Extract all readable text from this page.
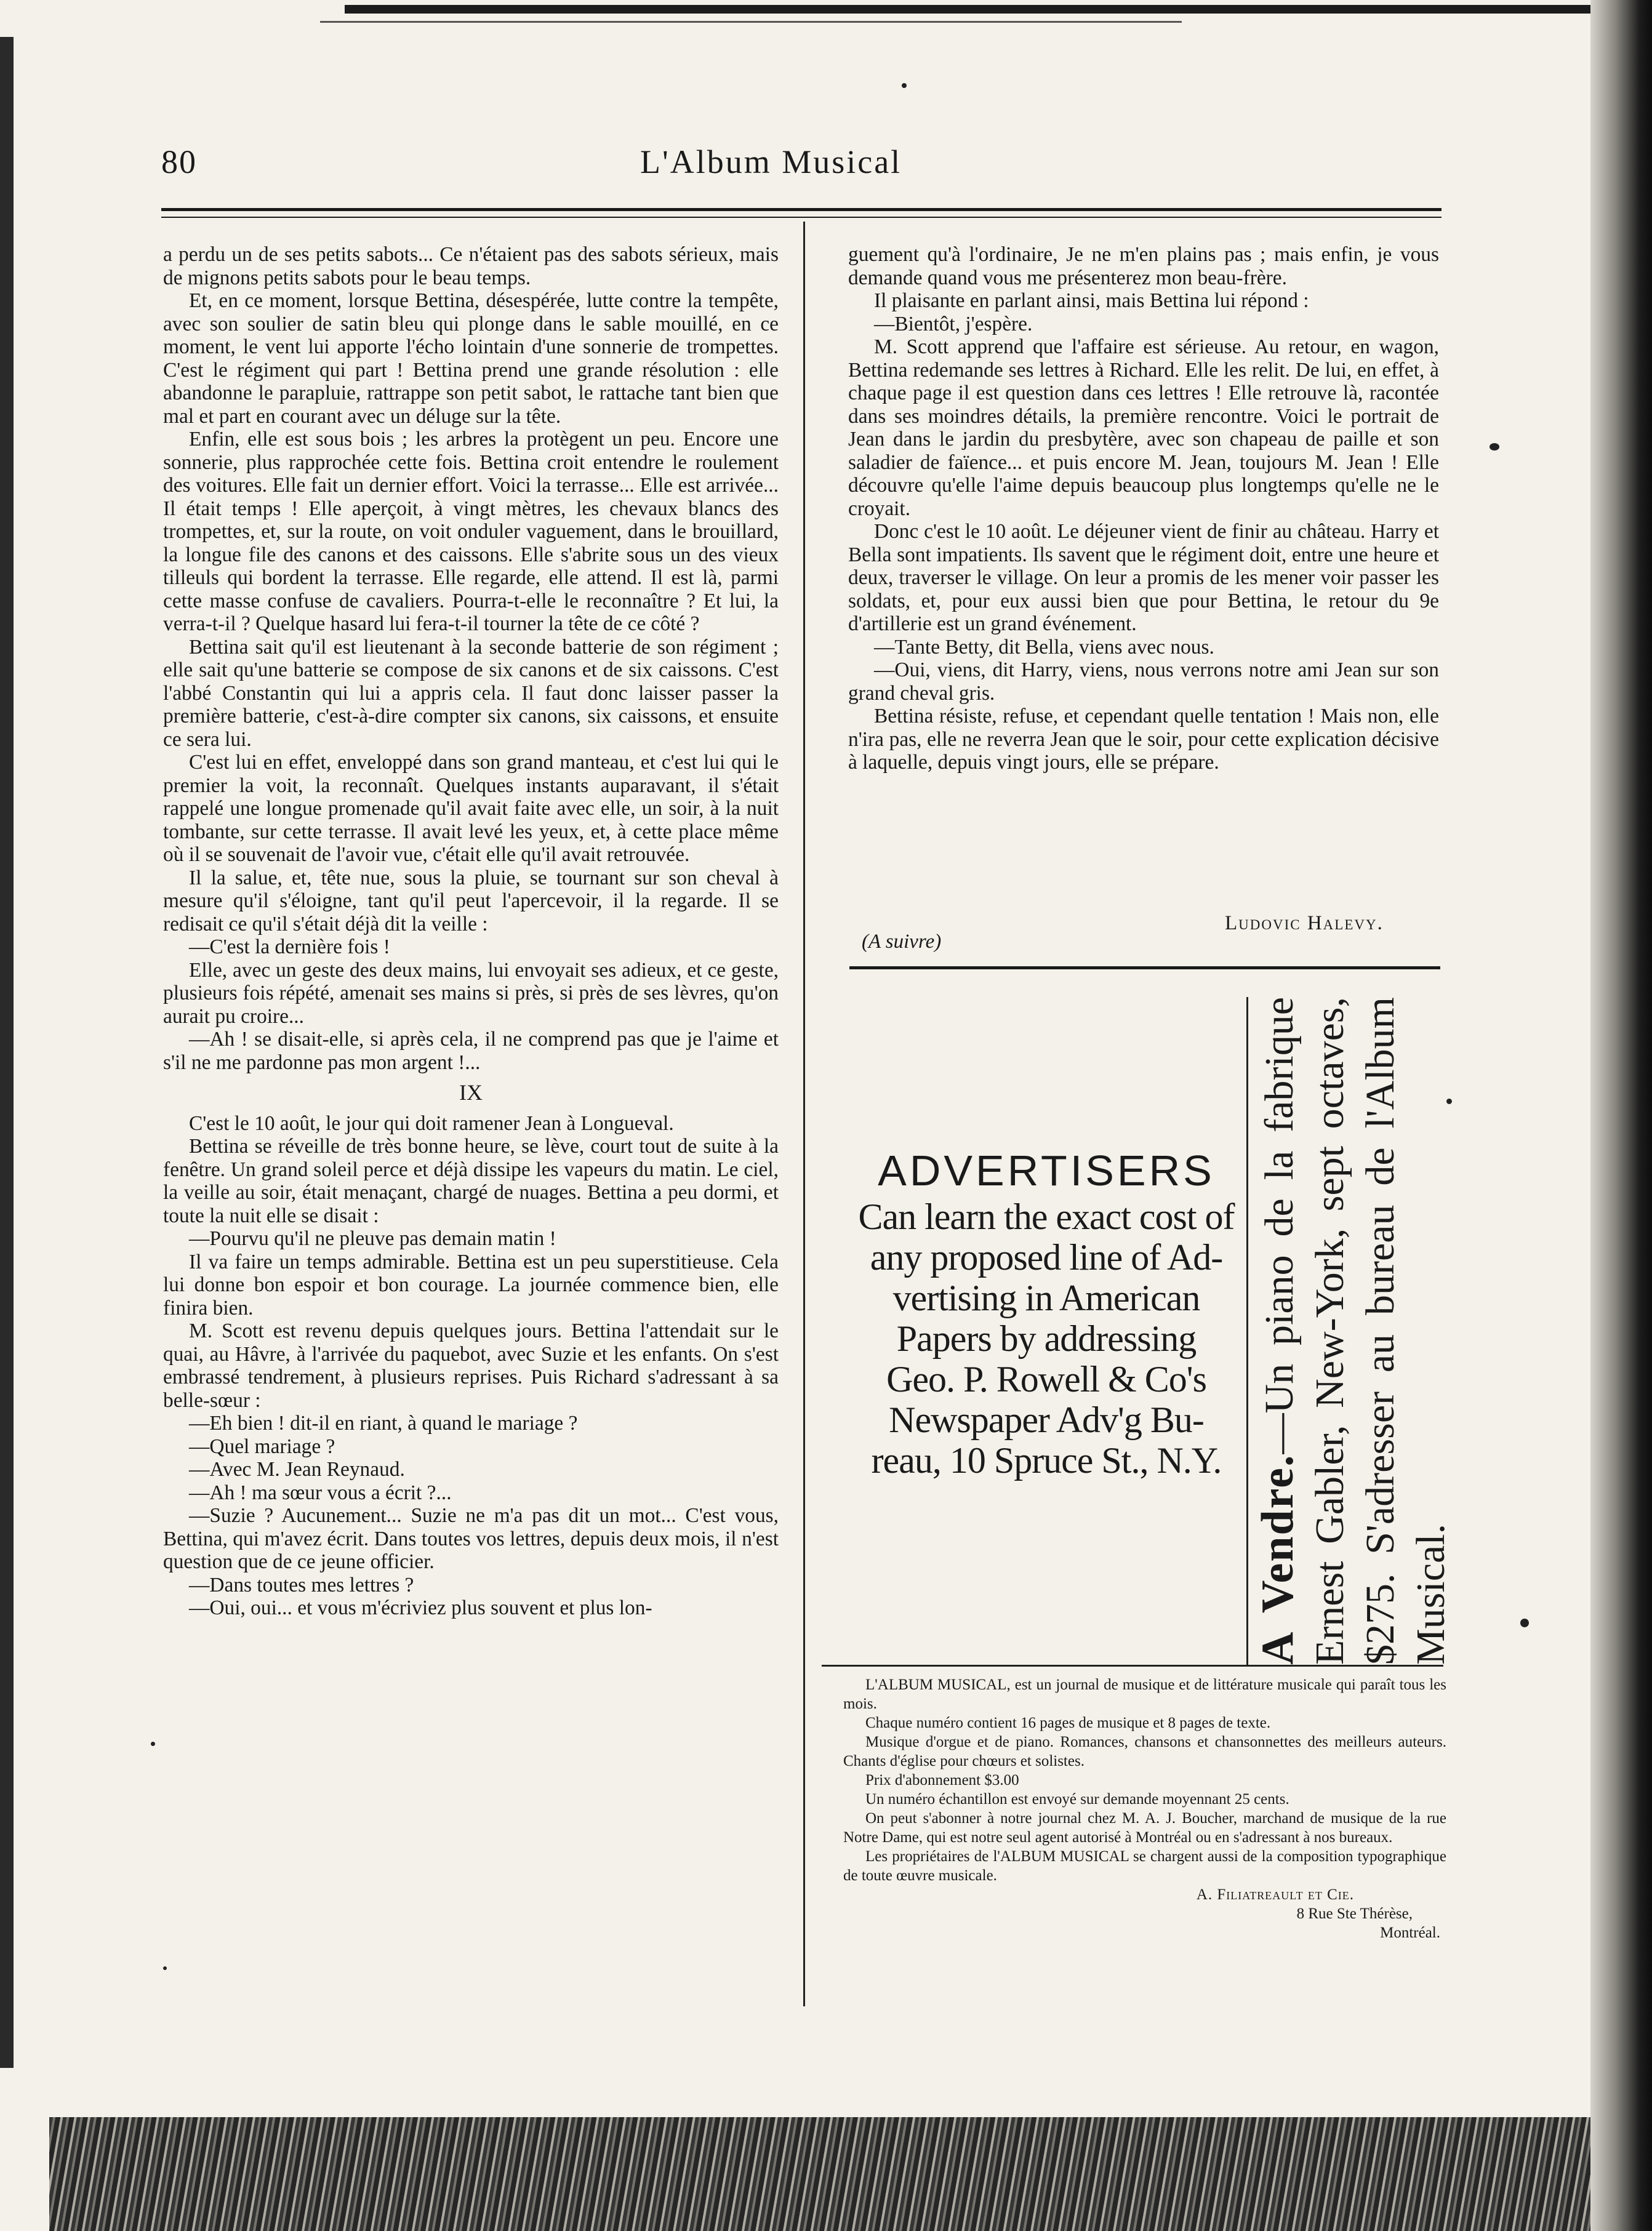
80	L'Album Musical

a perdu un de ses petits sabots... Ce n'étaient pas des sabots sérieux, mais de mignons petits sabots pour le beau temps.

Et, en ce moment, lorsque Bettina, désespérée, lutte contre la tempête, avec son soulier de satin bleu qui plonge dans le sable mouillé, en ce moment, le vent lui apporte l'écho lointain d'une sonnerie de trompettes. C'est le régiment qui part ! Bettina prend une grande résolution : elle abandonne le parapluie, rattrappe son petit sabot, le rattache tant bien que mal et part en courant avec un déluge sur la tête.

Enfin, elle est sous bois ; les arbres la protègent un peu. Encore une sonnerie, plus rapprochée cette fois. Bettina croit entendre le roulement des voitures. Elle fait un dernier effort. Voici la terrasse... Elle est arrivée... Il était temps ! Elle aperçoit, à vingt mètres, les chevaux blancs des trompettes, et, sur la route, on voit onduler vaguement, dans le brouillard, la longue file des canons et des caissons. Elle s'abrite sous un des vieux tilleuls qui bordent la terrasse. Elle regarde, elle attend. Il est là, parmi cette masse confuse de cavaliers. Pourra-t-elle le reconnaître ? Et lui, la verra-t-il ? Quelque hasard lui fera-t-il tourner la tête de ce côté ?

Bettina sait qu'il est lieutenant à la seconde batterie de son régiment ; elle sait qu'une batterie se compose de six canons et de six caissons. C'est l'abbé Constantin qui lui a appris cela. Il faut donc laisser passer la première batterie, c'est-à-dire compter six canons, six caissons, et ensuite ce sera lui.

C'est lui en effet, enveloppé dans son grand manteau, et c'est lui qui le premier la voit, la reconnaît. Quelques instants auparavant, il s'était rappelé une longue promenade qu'il avait faite avec elle, un soir, à la nuit tombante, sur cette terrasse. Il avait levé les yeux, et, à cette place même où il se souvenait de l'avoir vue, c'était elle qu'il avait retrouvée.

Il la salue, et, tête nue, sous la pluie, se tournant sur son cheval à mesure qu'il s'éloigne, tant qu'il peut l'apercevoir, il la regarde. Il se redisait ce qu'il s'était déjà dit la veille :

—C'est la dernière fois !

Elle, avec un geste des deux mains, lui envoyait ses adieux, et ce geste, plusieurs fois répété, amenait ses mains si près, si près de ses lèvres, qu'on aurait pu croire...

—Ah ! se disait-elle, si après cela, il ne comprend pas que je l'aime et s'il ne me pardonne pas mon argent !...

IX

C'est le 10 août, le jour qui doit ramener Jean à Longueval.

Bettina se réveille de très bonne heure, se lève, court tout de suite à la fenêtre. Un grand soleil perce et déjà dissipe les vapeurs du matin. Le ciel, la veille au soir, était menaçant, chargé de nuages. Bettina a peu dormi, et toute la nuit elle se disait :

—Pourvu qu'il ne pleuve pas demain matin !

Il va faire un temps admirable. Bettina est un peu superstitieuse. Cela lui donne bon espoir et bon courage. La journée commence bien, elle finira bien.

M. Scott est revenu depuis quelques jours. Bettina l'attendait sur le quai, au Hâvre, à l'arrivée du paquebot, avec Suzie et les enfants. On s'est embrassé tendrement, à plusieurs reprises. Puis Richard s'adressant à sa belle-sœur :

—Eh bien ! dit-il en riant, à quand le mariage ?

—Quel mariage ?

—Avec M. Jean Reynaud.

—Ah ! ma sœur vous a écrit ?...

—Suzie ? Aucunement... Suzie ne m'a pas dit un mot... C'est vous, Bettina, qui m'avez écrit. Dans toutes vos lettres, depuis deux mois, il n'est question que de ce jeune officier.

—Dans toutes mes lettres ?

—Oui, oui... et vous m'écriviez plus souvent et plus lon-

guement qu'à l'ordinaire, Je ne m'en plains pas ; mais enfin, je vous demande quand vous me présenterez mon beau-frère.

Il plaisante en parlant ainsi, mais Bettina lui répond :

—Bientôt, j'espère.

M. Scott apprend que l'affaire est sérieuse. Au retour, en wagon, Bettina redemande ses lettres à Richard. Elle les relit. De lui, en effet, à chaque page il est question dans ces lettres ! Elle retrouve là, racontée dans ses moindres détails, la première rencontre. Voici le portrait de Jean dans le jardin du presbytère, avec son chapeau de paille et son saladier de faïence... et puis encore M. Jean, toujours M. Jean ! Elle découvre qu'elle l'aime depuis beaucoup plus longtemps qu'elle ne le croyait.

Donc c'est le 10 août. Le déjeuner vient de finir au château. Harry et Bella sont impatients. Ils savent que le régiment doit, entre une heure et deux, traverser le village. On leur a promis de les mener voir passer les soldats, et, pour eux aussi bien que pour Bettina, le retour du 9e d'artillerie est un grand événement.

—Tante Betty, dit Bella, viens avec nous.

—Oui, viens, dit Harry, viens, nous verrons notre ami Jean sur son grand cheval gris.

Bettina résiste, refuse, et cependant quelle tentation ! Mais non, elle n'ira pas, elle ne reverra Jean que le soir, pour cette explication décisive à laquelle, depuis vingt jours, elle se prépare.

Ludovic Halevy.
(A suivre)
ADVERTISERS
Can learn the exact cost of
any proposed line of Ad-
vertising in American
Papers by addressing
Geo. P. Rowell & Co's
Newspaper Adv'g Bu-
reau, 10 Spruce St., N.Y. A Vendre.—Un piano de la fabrique Ernest Gabler, New-York, sept octaves, $275. S'adresser au bureau de l'Album Musical.

L'ALBUM MUSICAL, est un journal de musique et de littérature musicale qui paraît tous les mois.

Chaque numéro contient 16 pages de musique et 8 pages de texte.

Musique d'orgue et de piano. Romances, chansons et chansonnettes des meilleurs auteurs. Chants d'église pour chœurs et solistes.

Prix d'abonnement $3.00

Un numéro échantillon est envoyé sur demande moyennant 25 cents.

On peut s'abonner à notre journal chez M. A. J. Boucher, marchand de musique de la rue Notre Dame, qui est notre seul agent autorisé à Montréal ou en s'adressant à nos bureaux.

Les propriétaires de l'ALBUM MUSICAL se chargent aussi de la composition typographique de toute œuvre musicale.

A. Filiatreault et Cie.

8 Rue Ste Thérèse,

Montréal.
